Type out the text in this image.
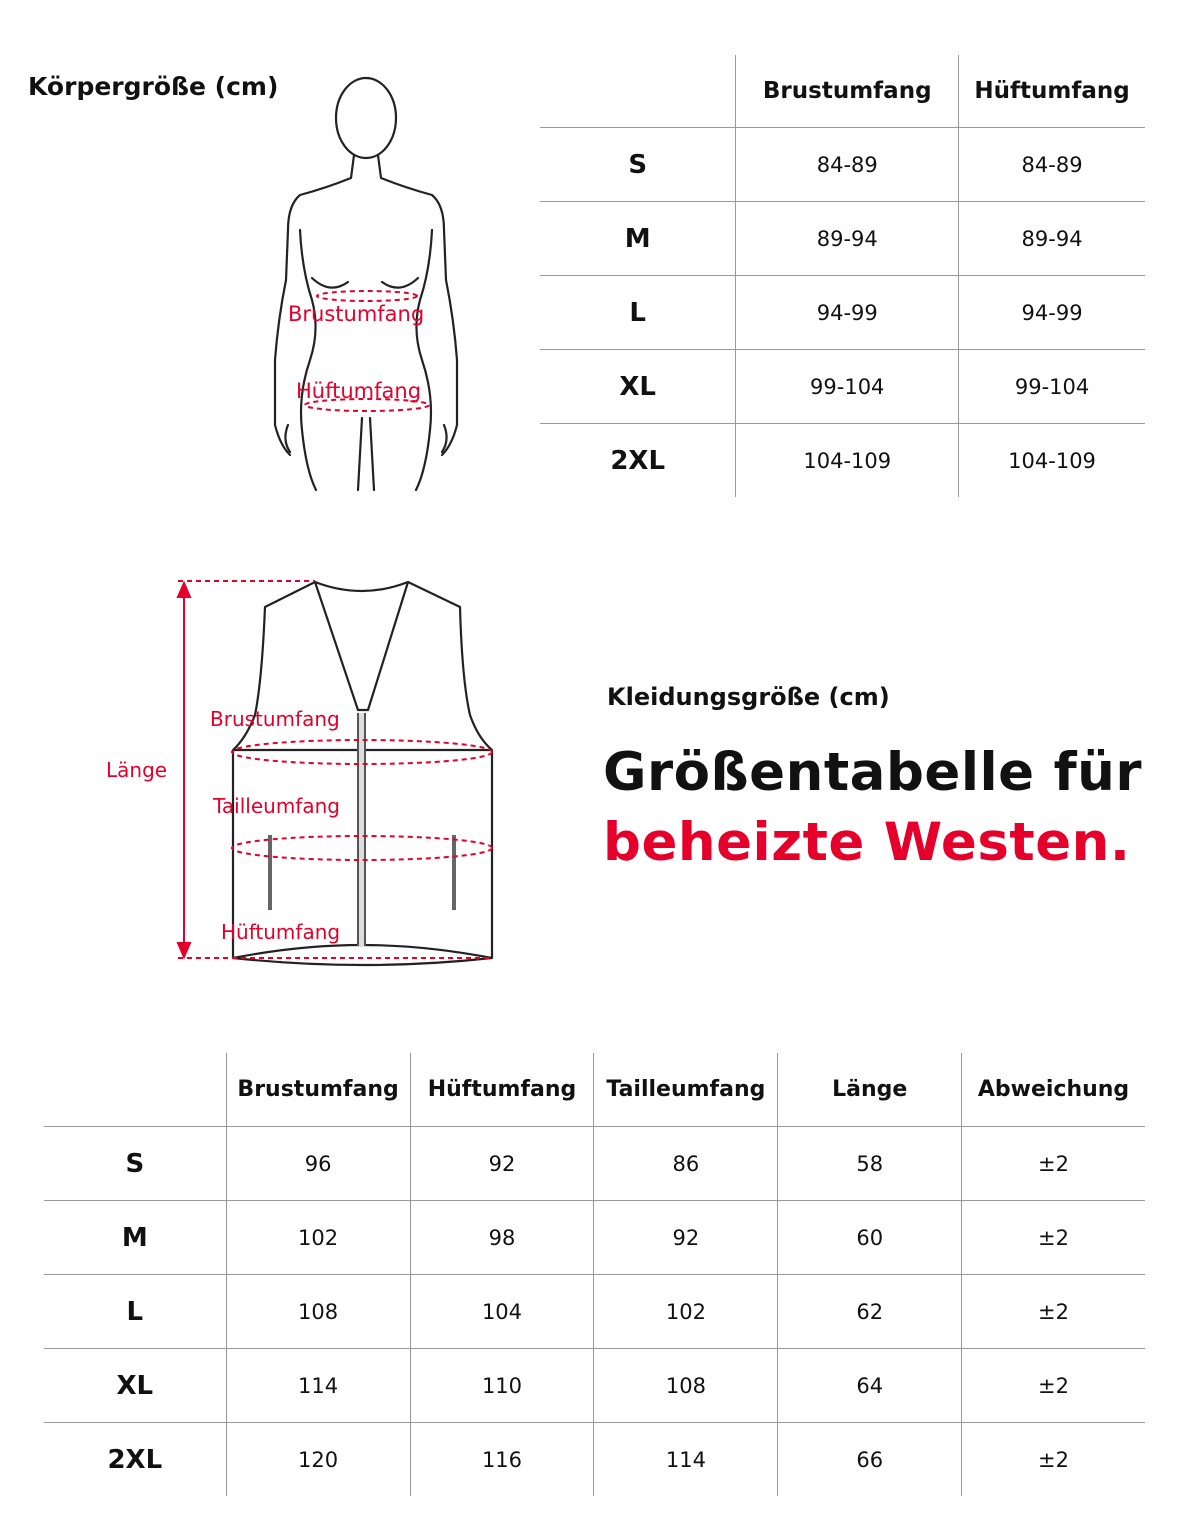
Körpergröße (cm)
Brustumfang
Hüftumfang
Länge
Brustumfang
Tailleumfang
Hüftumfang
	Brustumfang	Hüftumfang
S	84-89	84-89
M	89-94	89-94
L	94-99	94-99
XL	99-104	99-104
2XL	104-109	104-109
Kleidungsgröße (cm)
Größentabelle für
beheizte Westen.
	Brustumfang	Hüftumfang	Tailleumfang	Länge	Abweichung
S	96	92	86	58	±2
M	102	98	92	60	±2
L	108	104	102	62	±2
XL	114	110	108	64	±2
2XL	120	116	114	66	±2
